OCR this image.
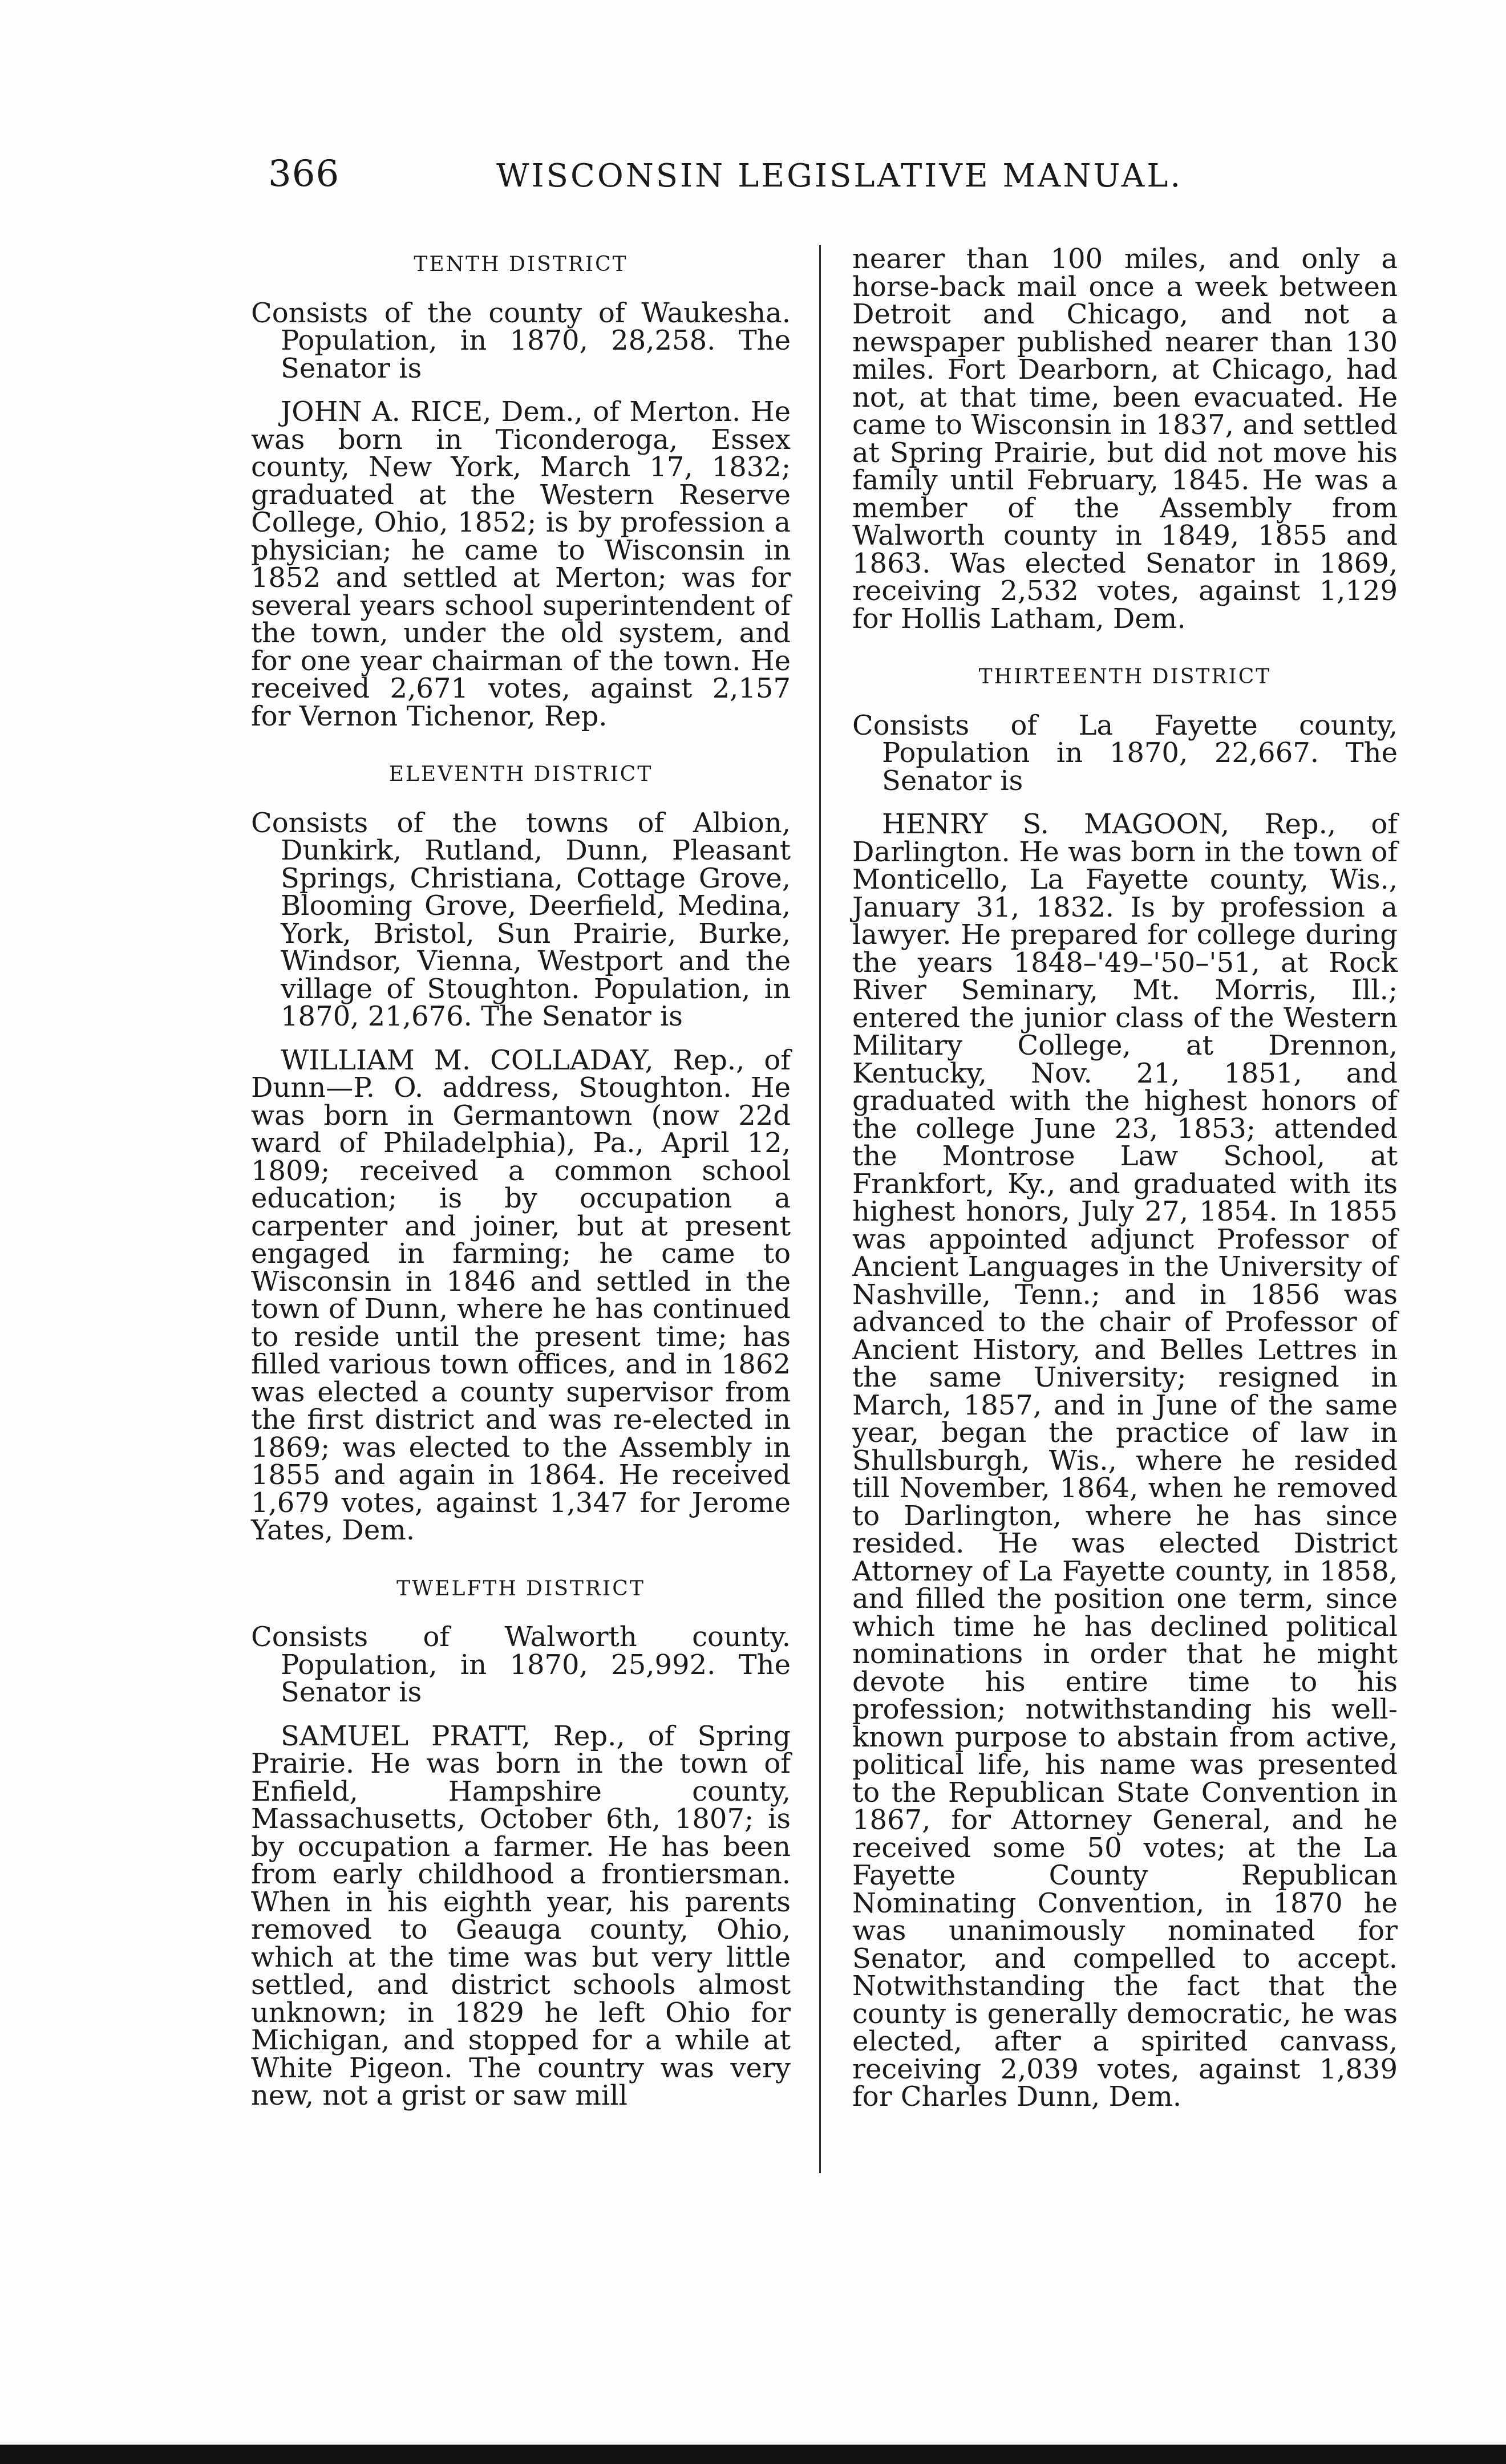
366	WISCONSIN LEGISLATIVE MANUAL.
TENTH DISTRICT

Consists of the county of Waukesha. Population, in 1870, 28,258. The Senator is

JOHN A. RICE, Dem., of Merton. He was born in Ticonderoga, Essex county, New York, March 17, 1832; graduated at the Western Reserve College, Ohio, 1852; is by profession a physician; he came to Wisconsin in 1852 and settled at Merton; was for several years school superintendent of the town, under the old system, and for one year chairman of the town. He received 2,671 votes, against 2,157 for Vernon Tichenor, Rep.

ELEVENTH DISTRICT

Consists of the towns of Albion, Dunkirk, Rutland, Dunn, Pleasant Springs, Christiana, Cottage Grove, Blooming Grove, Deerfield, Medina, York, Bristol, Sun Prairie, Burke, Windsor, Vienna, Westport and the village of Stoughton. Population, in 1870, 21,676. The Senator is

WILLIAM M. COLLADAY, Rep., of Dunn—P. O. address, Stoughton. He was born in Germantown (now 22d ward of Philadelphia), Pa., April 12, 1809; received a common school education; is by occupation a carpenter and joiner, but at present engaged in farming; he came to Wisconsin in 1846 and settled in the town of Dunn, where he has continued to reside until the present time; has filled various town offices, and in 1862 was elected a county supervisor from the first district and was re-elected in 1869; was elected to the Assembly in 1855 and again in 1864. He received 1,679 votes, against 1,347 for Jerome Yates, Dem.

TWELFTH DISTRICT

Consists of Walworth county. Population, in 1870, 25,992. The Senator is

SAMUEL PRATT, Rep., of Spring Prairie. He was born in the town of Enfield, Hampshire county, Massachusetts, October 6th, 1807; is by occupation a farmer. He has been from early childhood a frontiersman. When in his eighth year, his parents removed to Geauga county, Ohio, which at the time was but very little settled, and district schools almost unknown; in 1829 he left Ohio for Michigan, and stopped for a while at White Pigeon. The country was very new, not a grist or saw mill

nearer than 100 miles, and only a horse-back mail once a week between Detroit and Chicago, and not a newspaper published nearer than 130 miles. Fort Dearborn, at Chicago, had not, at that time, been evacuated. He came to Wisconsin in 1837, and settled at Spring Prairie, but did not move his family until February, 1845. He was a member of the Assembly from Walworth county in 1849, 1855 and 1863. Was elected Senator in 1869, receiving 2,532 votes, against 1,129 for Hollis Latham, Dem.

THIRTEENTH DISTRICT

Consists of La Fayette county, Population in 1870, 22,667. The Senator is

HENRY S. MAGOON, Rep., of Darlington. He was born in the town of Monticello, La Fayette county, Wis., January 31, 1832. Is by profession a lawyer. He prepared for college during the years 1848–'49–'50–'51, at Rock River Seminary, Mt. Morris, Ill.; entered the junior class of the Western Military College, at Drennon, Kentucky, Nov. 21, 1851, and graduated with the highest honors of the college June 23, 1853; attended the Montrose Law School, at Frankfort, Ky., and graduated with its highest honors, July 27, 1854. In 1855 was appointed adjunct Professor of Ancient Languages in the University of Nashville, Tenn.; and in 1856 was advanced to the chair of Professor of Ancient History, and Belles Lettres in the same University; resigned in March, 1857, and in June of the same year, began the practice of law in Shullsburgh, Wis., where he resided till November, 1864, when he removed to Darlington, where he has since resided. He was elected District Attorney of La Fayette county, in 1858, and filled the position one term, since which time he has declined political nominations in order that he might devote his entire time to his profession; notwithstanding his well-known purpose to abstain from active, political life, his name was presented to the Republican State Convention in 1867, for Attorney General, and he received some 50 votes; at the La Fayette County Republican Nominating Convention, in 1870 he was unanimously nominated for Senator, and compelled to accept. Notwithstanding the fact that the county is generally democratic, he was elected, after a spirited canvass, receiving 2,039 votes, against 1,839 for Charles Dunn, Dem.
